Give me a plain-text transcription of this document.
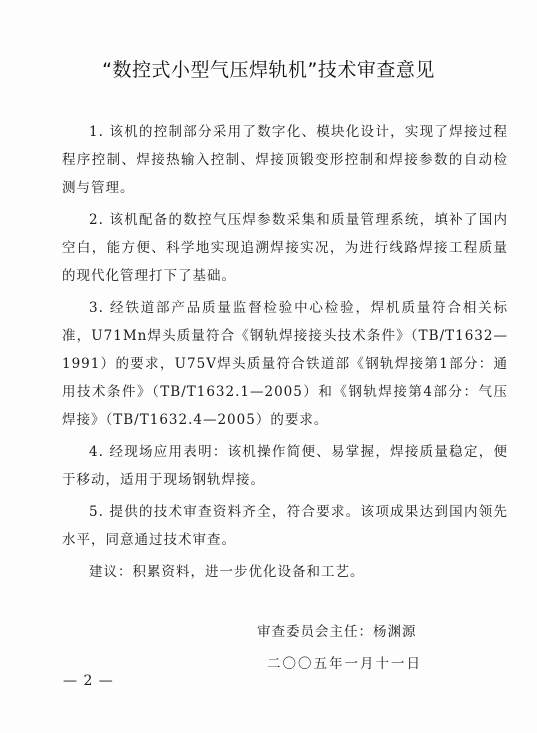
“数控式小型气压焊轨机”技术审查意见

1. 该机的控制部分采用了数字化、模块化设计，实现了焊接过程程序控制、焊接热输入控制、焊接顶锻变形控制和焊接参数的自动检测与管理。

2. 该机配备的数控气压焊参数采集和质量管理系统，填补了国内空白，能方便、科学地实现追溯焊接实况，为进行线路焊接工程质量的现代化管理打下了基础。

3. 经铁道部产品质量监督检验中心检验，焊机质量符合相关标准，U71Mn焊头质量符合《钢轨焊接接头技术条件》（TB/T1632—1991）的要求，U75V焊头质量符合铁道部《钢轨焊接第1部分：通用技术条件》（TB/T1632.1—2005）和《钢轨焊接第4部分：气压焊接》（TB/T1632.4—2005）的要求。

4. 经现场应用表明：该机操作简便、易掌握，焊接质量稳定，便于移动，适用于现场钢轨焊接。

5. 提供的技术审查资料齐全，符合要求。该项成果达到国内领先水平，同意通过技术审查。

建议：积累资料，进一步优化设备和工艺。

审查委员会主任：杨渊源
二〇〇五年一月十一日
— 2 —
